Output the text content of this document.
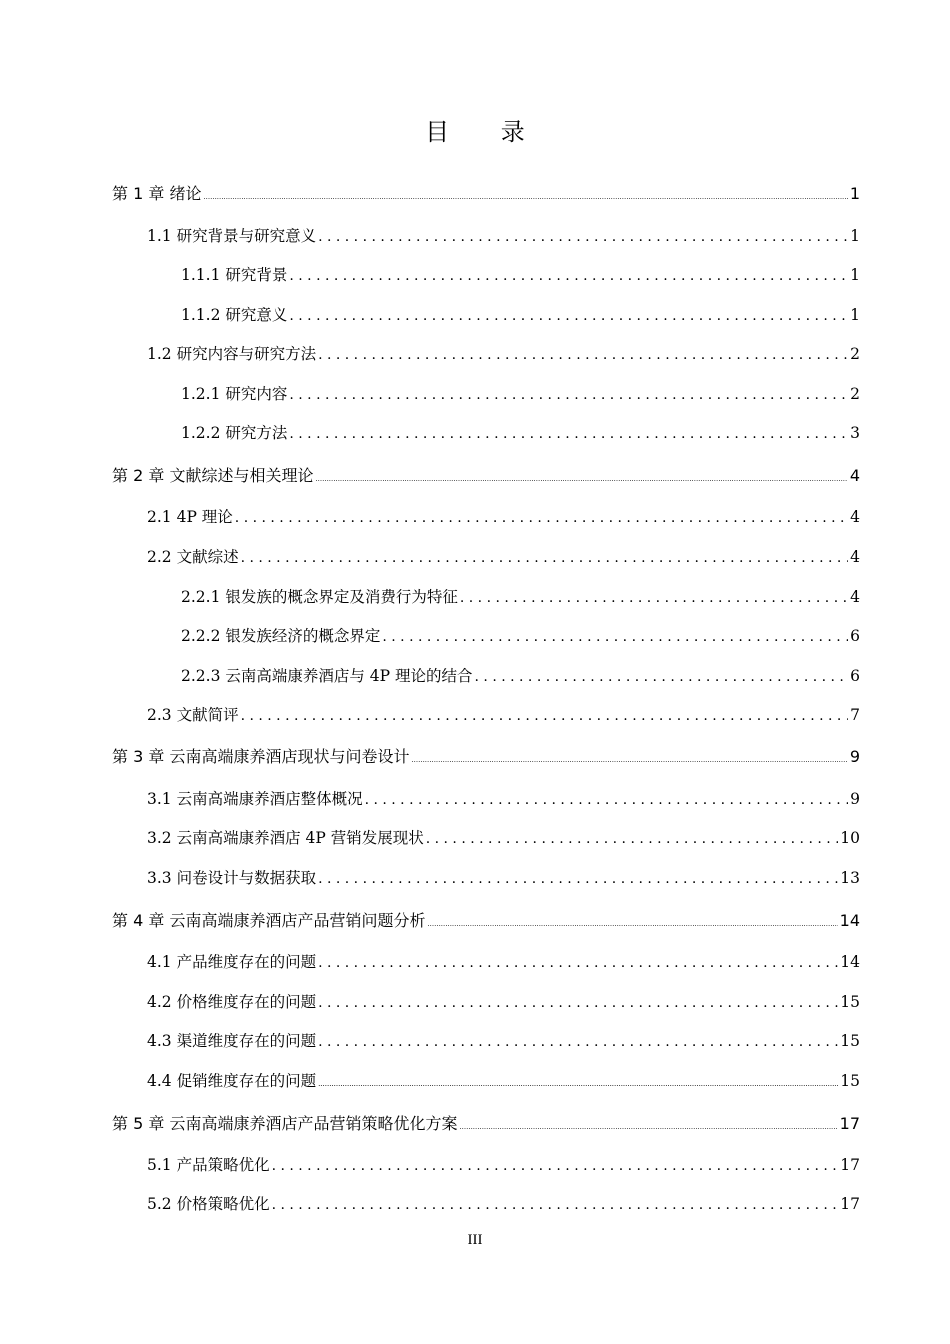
目 录
第 1 章 绪论 .....	1
1.1 研究背景与研究意义 . . .	1
1.1.1 研究背景 . . .	1
1.1.2 研究意义 . . .	1
1.2 研究内容与研究方法 . . .	2
1.2.1 研究内容 . . .	2
1.2.2 研究方法 . . .	3
第 2 章 文献综述与相关理论 .....	4
2.1 4P 理论 . . .	4
2.2 文献综述 . . .	4
2.2.1 银发族的概念界定及消费行为特征 . . .	4
2.2.2 银发族经济的概念界定 . . .	6
2.2.3 云南高端康养酒店与 4P 理论的结合 . . .	6
2.3 文献简评 . . .	7
第 3 章 云南高端康养酒店现状与问卷设计 .....	9
3.1 云南高端康养酒店整体概况 . . .	9
3.2 云南高端康养酒店 4P 营销发展现状 . . .	10
3.3 问卷设计与数据获取 . . .	13
第 4 章 云南高端康养酒店产品营销问题分析 .....	14
4.1 产品维度存在的问题 . . .	14
4.2 价格维度存在的问题 . . .	15
4.3 渠道维度存在的问题 . . .	15
4.4 促销维度存在的问题 .....	15
第 5 章 云南高端康养酒店产品营销策略优化方案 .....	17
5.1 产品策略优化 . . .	17
5.2 价格策略优化 . . .	17
III
